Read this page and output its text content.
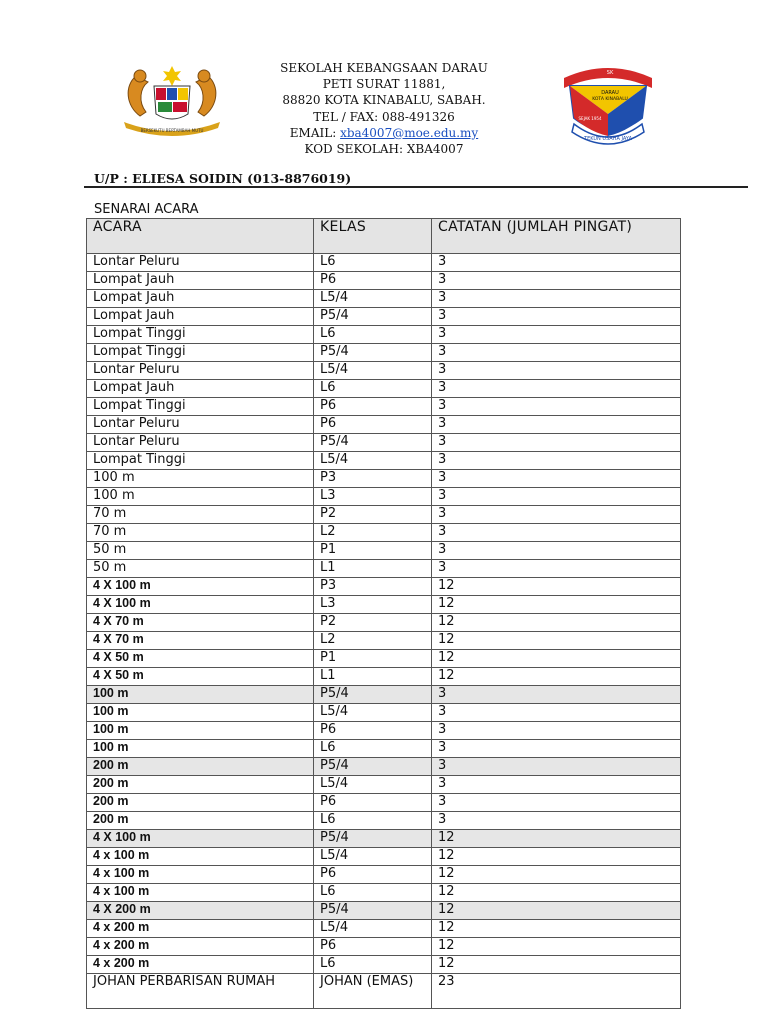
BERSEKUTU BERTAMBAH MUTU
SEKOLAH KEBANGSAAN DARAU
PETI SURAT 11881,
88820 KOTA KINABALU, SABAH.
TEL / FAX: 088-491326
EMAIL: xba4007@moe.edu.my
KOD SEKOLAH: XBA4007
SK
DARAU
KOTA KINABALU
SEJAK 1954
TEKUN USAHA JAYA
U/P : ELIESA SOIDIN (013-8876019)
SENARAI ACARA
ACARA	KELAS	CATATAN (JUMLAH PINGAT)
Lontar Peluru	L6	3
Lompat Jauh	P6	3
Lompat Jauh	L5/4	3
Lompat Jauh	P5/4	3
Lompat Tinggi	L6	3
Lompat Tinggi	P5/4	3
Lontar Peluru	L5/4	3
Lompat Jauh	L6	3
Lompat Tinggi	P6	3
Lontar Peluru	P6	3
Lontar Peluru	P5/4	3
Lompat Tinggi	L5/4	3
100 m	P3	3
100 m	L3	3
70 m	P2	3
70 m	L2	3
50 m	P1	3
50 m	L1	3
4 X 100 m	P3	12
4 X 100 m	L3	12
4 X 70 m	P2	12
4 X 70 m	L2	12
4 X 50 m	P1	12
4 X 50 m	L1	12
100 m	P5/4	3
100 m	L5/4	3
100 m	P6	3
100 m	L6	3
200 m	P5/4	3
200 m	L5/4	3
200 m	P6	3
200 m	L6	3
4 X 100 m	P5/4	12
4 x 100 m	L5/4	12
4 x 100 m	P6	12
4 x 100 m	L6	12
4 X 200 m	P5/4	12
4 x 200 m	L5/4	12
4 x 200 m	P6	12
4 x 200 m	L6	12
JOHAN PERBARISAN RUMAH	JOHAN (EMAS)	23
